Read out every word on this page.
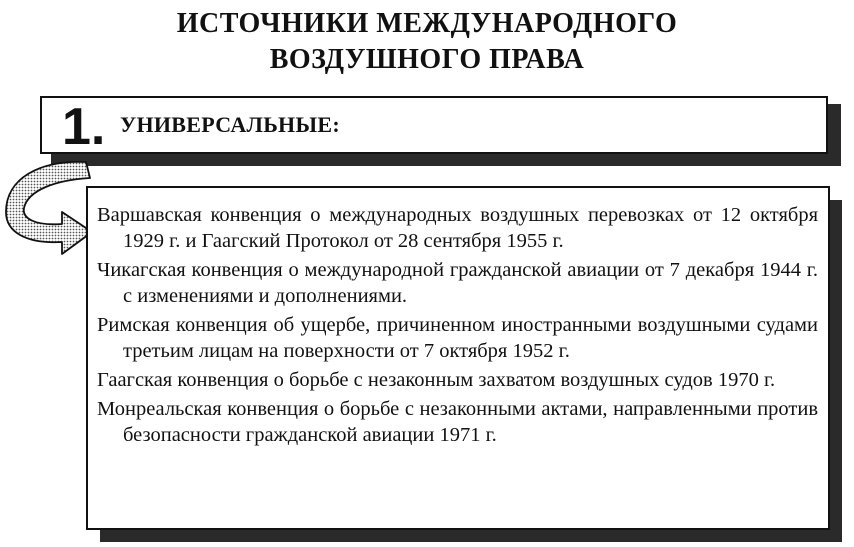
ИСТОЧНИКИ МЕЖДУНАРОДНОГО
ВОЗДУШНОГО ПРАВА
1. УНИВЕРСАЛЬНЫЕ:

Варшавская конвенция о международных воздушных перевозках от 12 октября 1929 г. и Гаагский Протокол от 28 сентября 1955 г.

Чикагская конвенция о международной гражданской авиации от 7 декабря 1944 г. с изменениями и дополнениями.

Римская конвенция об ущербе, причиненном иностранными воздушными судами третьим лицам на поверхности от 7 октября 1952 г.

Гаагская конвенция о борьбе с незаконным захватом воздушных судов 1970 г.

Монреальская конвенция о борьбе с незаконными актами, направленными против безопасности гражданской авиации 1971 г.
